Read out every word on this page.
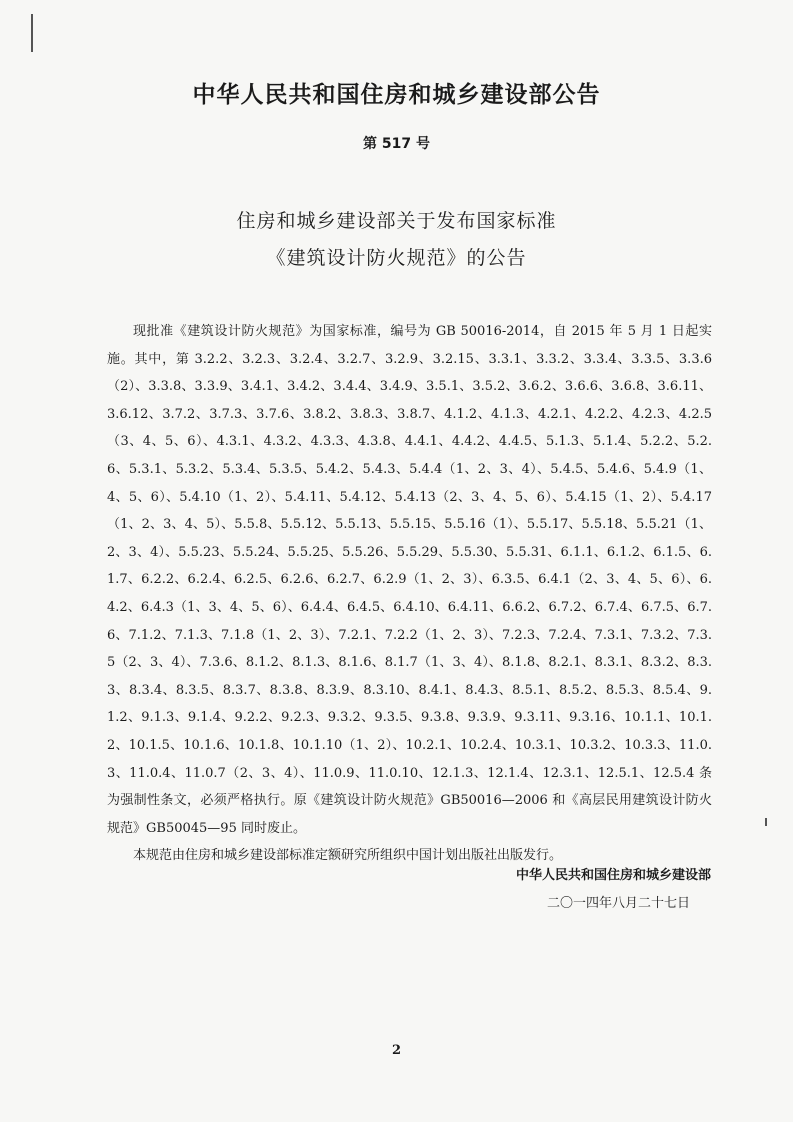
中华人民共和国住房和城乡建设部公告
第 517 号
住房和城乡建设部关于发布国家标准
《建筑设计防火规范》的公告

现批准《建筑设计防火规范》为国家标准，编号为 GB 50016-2014，自 2015 年 5 月 1 日起实施。其中，第 3.2.2、3.2.3、3.2.4、3.2.7、3.2.9、3.2.15、3.3.1、3.3.2、3.3.4、3.3.5、3.3.6（2）、3.3.8、3.3.9、3.4.1、3.4.2、3.4.4、3.4.9、3.5.1、3.5.2、3.6.2、3.6.6、3.6.8、3.6.11、3.6.12、3.7.2、3.7.3、3.7.6、3.8.2、3.8.3、3.8.7、4.1.2、4.1.3、4.2.1、4.2.2、4.2.3、4.2.5（3、4、5、6）、4.3.1、4.3.2、4.3.3、4.3.8、4.4.1、4.4.2、4.4.5、5.1.3、5.1.4、5.2.2、5.2.6、5.3.1、5.3.2、5.3.4、5.3.5、5.4.2、5.4.3、5.4.4（1、2、3、4）、5.4.5、5.4.6、5.4.9（1、4、5、6）、5.4.10（1、2）、5.4.11、5.4.12、5.4.13（2、3、4、5、6）、5.4.15（1、2）、5.4.17（1、2、3、4、5）、5.5.8、5.5.12、5.5.13、5.5.15、5.5.16（1）、5.5.17、5.5.18、5.5.21（1、2、3、4）、5.5.23、5.5.24、5.5.25、5.5.26、5.5.29、5.5.30、5.5.31、6.1.1、6.1.2、6.1.5、6.1.7、6.2.2、6.2.4、6.2.5、6.2.6、6.2.7、6.2.9（1、2、3）、6.3.5、6.4.1（2、3、4、5、6）、6.4.2、6.4.3（1、3、4、5、6）、6.4.4、6.4.5、6.4.10、6.4.11、6.6.2、6.7.2、6.7.4、6.7.5、6.7.6、7.1.2、7.1.3、7.1.8（1、2、3）、7.2.1、7.2.2（1、2、3）、7.2.3、7.2.4、7.3.1、7.3.2、7.3.5（2、3、4）、7.3.6、8.1.2、8.1.3、8.1.6、8.1.7（1、3、4）、8.1.8、8.2.1、8.3.1、8.3.2、8.3.3、8.3.4、8.3.5、8.3.7、8.3.8、8.3.9、8.3.10、8.4.1、8.4.3、8.5.1、8.5.2、8.5.3、8.5.4、9.1.2、9.1.3、9.1.4、9.2.2、9.2.3、9.3.2、9.3.5、9.3.8、9.3.9、9.3.11、9.3.16、10.1.1、10.1.2、10.1.5、10.1.6、10.1.8、10.1.10（1、2）、10.2.1、10.2.4、10.3.1、10.3.2、10.3.3、11.0.3、11.0.4、11.0.7（2、3、4）、11.0.9、11.0.10、12.1.3、12.1.4、12.3.1、12.5.1、12.5.4 条为强制性条文，必须严格执行。原《建筑设计防火规范》GB50016—2006 和《高层民用建筑设计防火规范》GB50045—95 同时废止。

本规范由住房和城乡建设部标准定额研究所组织中国计划出版社出版发行。

中华人民共和国住房和城乡建设部
二〇一四年八月二十七日
2
